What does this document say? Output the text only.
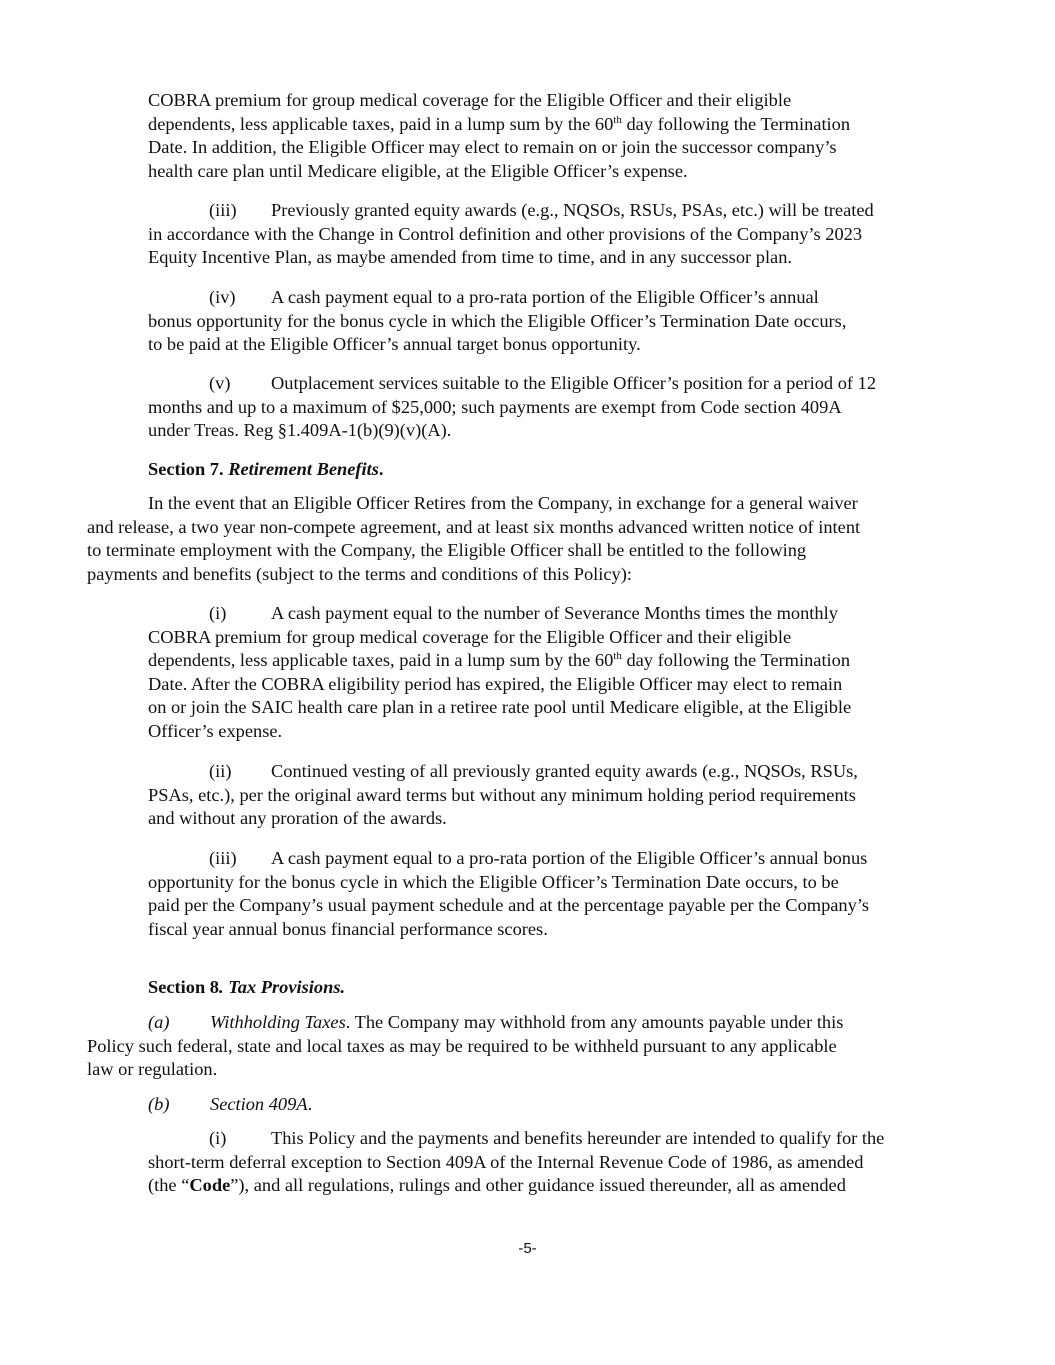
COBRA premium for group medical coverage for the Eligible Officer and their eligible
dependents, less applicable taxes, paid in a lump sum by the 60th day following the Termination
Date. In addition, the Eligible Officer may elect to remain on or join the successor company’s
health care plan until Medicare eligible, at the Eligible Officer’s expense.
(iii) Previously granted equity awards (e.g., NQSOs, RSUs, PSAs, etc.) will be treated
in accordance with the Change in Control definition and other provisions of the Company’s 2023
Equity Incentive Plan, as maybe amended from time to time, and in any successor plan.
(iv) A cash payment equal to a pro-rata portion of the Eligible Officer’s annual
bonus opportunity for the bonus cycle in which the Eligible Officer’s Termination Date occurs,
to be paid at the Eligible Officer’s annual target bonus opportunity.
(v) Outplacement services suitable to the Eligible Officer’s position for a period of 12
months and up to a maximum of $25,000; such payments are exempt from Code section 409A
under Treas. Reg §1.409A-1(b)(9)(v)(A).
Section 7. Retirement Benefits.
In the event that an Eligible Officer Retires from the Company, in exchange for a general waiver
and release, a two year non-compete agreement, and at least six months advanced written notice of intent
to terminate employment with the Company, the Eligible Officer shall be entitled to the following
payments and benefits (subject to the terms and conditions of this Policy):
(i) A cash payment equal to the number of Severance Months times the monthly
COBRA premium for group medical coverage for the Eligible Officer and their eligible
dependents, less applicable taxes, paid in a lump sum by the 60th day following the Termination
Date. After the COBRA eligibility period has expired, the Eligible Officer may elect to remain
on or join the SAIC health care plan in a retiree rate pool until Medicare eligible, at the Eligible
Officer’s expense.
(ii) Continued vesting of all previously granted equity awards (e.g., NQSOs, RSUs,
PSAs, etc.), per the original award terms but without any minimum holding period requirements
and without any proration of the awards.
(iii) A cash payment equal to a pro-rata portion of the Eligible Officer’s annual bonus
opportunity for the bonus cycle in which the Eligible Officer’s Termination Date occurs, to be
paid per the Company’s usual payment schedule and at the percentage payable per the Company’s
fiscal year annual bonus financial performance scores.
Section 8. Tax Provisions.
(a) Withholding Taxes. The Company may withhold from any amounts payable under this
Policy such federal, state and local taxes as may be required to be withheld pursuant to any applicable
law or regulation.
(b) Section 409A.
(i) This Policy and the payments and benefits hereunder are intended to qualify for the
short-term deferral exception to Section 409A of the Internal Revenue Code of 1986, as amended
(the “Code”), and all regulations, rulings and other guidance issued thereunder, all as amended
-5-
